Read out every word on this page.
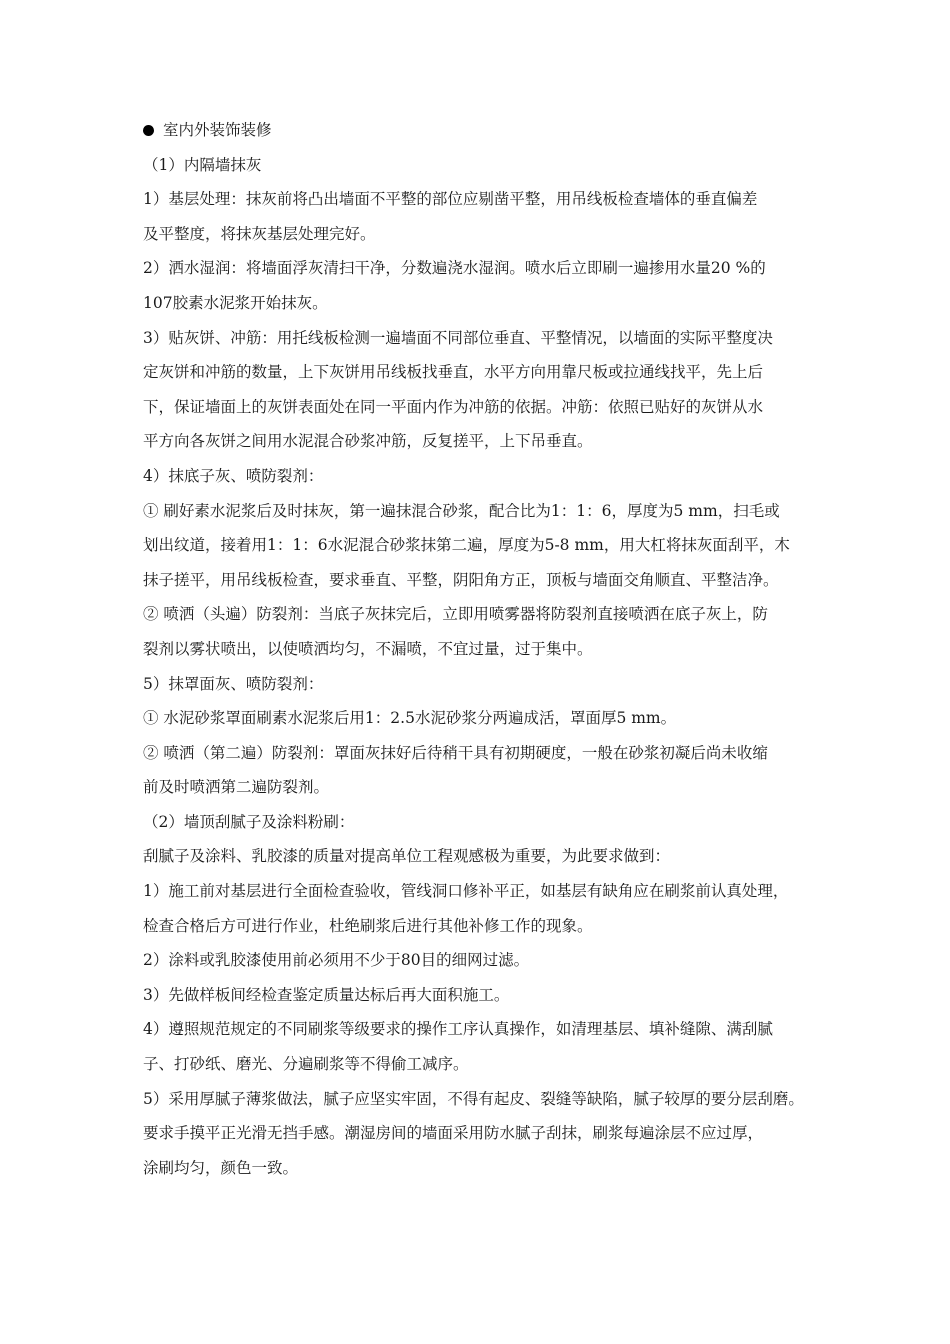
室内外装饰装修
（1）内隔墙抹灰
1）基层处理：抹灰前将凸出墙面不平整的部位应剔凿平整，用吊线板检查墙体的垂直偏差
及平整度，将抹灰基层处理完好。
2）洒水湿润：将墙面浮灰清扫干净，分数遍浇水湿润。喷水后立即刷一遍掺用水量20 %的
107胶素水泥浆开始抹灰。
3）贴灰饼、冲筋：用托线板检测一遍墙面不同部位垂直、平整情况，以墙面的实际平整度决
定灰饼和冲筋的数量，上下灰饼用吊线板找垂直，水平方向用靠尺板或拉通线找平，先上后
下，保证墙面上的灰饼表面处在同一平面内作为冲筋的依据。冲筋：依照已贴好的灰饼从水
平方向各灰饼之间用水泥混合砂浆冲筋，反复搓平，上下吊垂直。
4）抹底子灰、喷防裂剂：
① 刷好素水泥浆后及时抹灰，第一遍抹混合砂浆，配合比为1：1：6，厚度为5 mm，扫毛或
划出纹道，接着用1：1：6水泥混合砂浆抹第二遍，厚度为5-8 mm，用大杠将抹灰面刮平，木
抹子搓平，用吊线板检查，要求垂直、平整，阴阳角方正，顶板与墙面交角顺直、平整洁净。
② 喷洒（头遍）防裂剂：当底子灰抹完后，立即用喷雾器将防裂剂直接喷洒在底子灰上，防
裂剂以雾状喷出，以使喷洒均匀，不漏喷，不宜过量，过于集中。
5）抹罩面灰、喷防裂剂：
① 水泥砂浆罩面刷素水泥浆后用1：2.5水泥砂浆分两遍成活，罩面厚5 mm。
② 喷洒（第二遍）防裂剂：罩面灰抹好后待稍干具有初期硬度，一般在砂浆初凝后尚未收缩
前及时喷洒第二遍防裂剂。
（2）墙顶刮腻子及涂料粉刷：
刮腻子及涂料、乳胶漆的质量对提高单位工程观感极为重要，为此要求做到：
1）施工前对基层进行全面检查验收，管线洞口修补平正，如基层有缺角应在刷浆前认真处理，
检查合格后方可进行作业，杜绝刷浆后进行其他补修工作的现象。
2）涂料或乳胶漆使用前必须用不少于80目的细网过滤。
3）先做样板间经检查鉴定质量达标后再大面积施工。
4）遵照规范规定的不同刷浆等级要求的操作工序认真操作，如清理基层、填补缝隙、满刮腻
子、打砂纸、磨光、分遍刷浆等不得偷工减序。
5）采用厚腻子薄浆做法，腻子应坚实牢固，不得有起皮、裂缝等缺陷，腻子较厚的要分层刮磨。
要求手摸平正光滑无挡手感。潮湿房间的墙面采用防水腻子刮抹，刷浆每遍涂层不应过厚，
涂刷均匀，颜色一致。
